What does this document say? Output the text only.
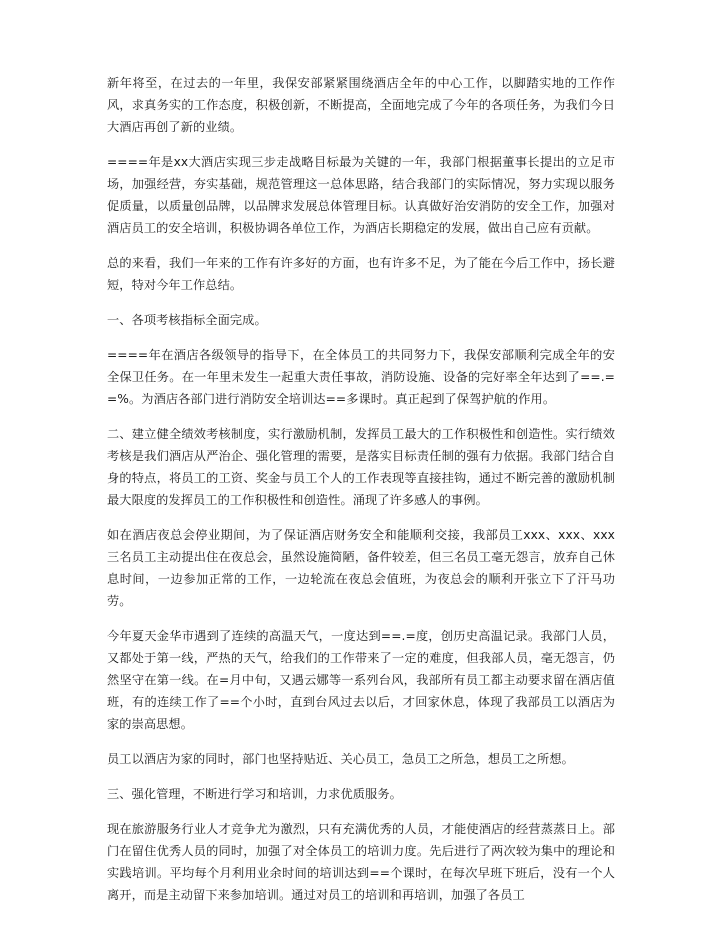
新年将至，在过去的一年里，我保安部紧紧围绕酒店全年的中心工作，以脚踏实地的工作作风，求真务实的工作态度，积极创新，不断提高，全面地完成了今年的各项任务，为我们今日大酒店再创了新的业绩。

====年是xx大酒店实现三步走战略目标最为关键的一年，我部门根据董事长提出的立足市场，加强经营，夯实基础，规范管理这一总体思路，结合我部门的实际情况，努力实现以服务促质量，以质量创品牌，以品牌求发展总体管理目标。认真做好治安消防的安全工作，加强对酒店员工的安全培训，积极协调各单位工作，为酒店长期稳定的发展，做出自己应有贡献。

总的来看，我们一年来的工作有许多好的方面，也有许多不足，为了能在今后工作中，扬长避短，特对今年工作总结。

一、各项考核指标全面完成。

====年在酒店各级领导的指导下，在全体员工的共同努力下，我保安部顺利完成全年的安全保卫任务。在一年里未发生一起重大责任事故，消防设施、设备的完好率全年达到了==.==%。为酒店各部门进行消防安全培训达==多课时。真正起到了保驾护航的作用。

二、建立健全绩效考核制度，实行激励机制，发挥员工最大的工作积极性和创造性。实行绩效考核是我们酒店从严治企、强化管理的需要，是落实目标责任制的强有力依据。我部门结合自身的特点，将员工的工资、奖金与员工个人的工作表现等直接挂钩，通过不断完善的激励机制最大限度的发挥员工的工作积极性和创造性。涌现了许多感人的事例。

如在酒店夜总会停业期间，为了保证酒店财务安全和能顺利交接，我部员工xxx、xxx、xxx三名员工主动提出住在夜总会，虽然设施简陋，备件较差，但三名员工毫无怨言，放弃自己休息时间，一边参加正常的工作，一边轮流在夜总会值班，为夜总会的顺利开张立下了汗马功劳。

今年夏天金华市遇到了连续的高温天气，一度达到==.=度，创历史高温记录。我部门人员，又都处于第一线，严热的天气，给我们的工作带来了一定的难度，但我部人员，毫无怨言，仍然坚守在第一线。在=月中旬，又遇云娜等一系列台风，我部所有员工都主动要求留在酒店值班，有的连续工作了==个小时，直到台风过去以后，才回家休息，体现了我部员工以酒店为家的崇高思想。

员工以酒店为家的同时，部门也坚持贴近、关心员工，急员工之所急，想员工之所想。

三、强化管理，不断进行学习和培训，力求优质服务。

现在旅游服务行业人才竞争尤为激烈，只有充满优秀的人员，才能使酒店的经营蒸蒸日上。部门在留住优秀人员的同时，加强了对全体员工的培训力度。先后进行了两次较为集中的理论和实践培训。平均每个月利用业余时间的培训达到==个课时，在每次早班下班后，没有一个人离开，而是主动留下来参加培训。通过对员工的培训和再培训，加强了各员工
